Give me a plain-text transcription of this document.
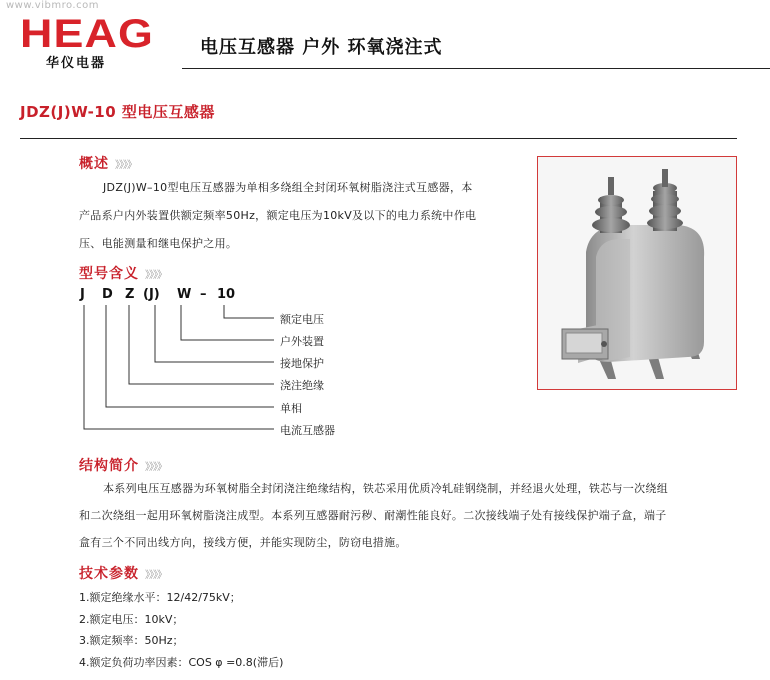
www.vibmro.com
HEAG
华仪电器
电压互感器 户外 环氧浇注式
JDZ(J)W-10 型电压互感器
概述 》》》》
JDZ(J)W–10型电压互感器为单相多绕组全封闭环氧树脂浇注式互感器，本
产品系户内外装置供额定频率50Hz，额定电压为10kV及以下的电力系统中作电
压、电能测量和继电保护之用。
型号含义 》》》》
J D Z (J) W – 10
额定电压
户外装置
接地保护
浇注绝缘
单相
电流互感器
结构简介 》》》》
本系列电压互感器为环氧树脂全封闭浇注绝缘结构，铁芯采用优质冷轧硅钢绕制，并经退火处理，铁芯与一次绕组
和二次绕组一起用环氧树脂浇注成型。本系列互感器耐污秽、耐潮性能良好。二次接线端子处有接线保护端子盒，端子
盒有三个不同出线方向，接线方便，并能实现防尘，防窃电措施。
技术参数 》》》》
1.额定绝缘水平：12/42/75kV；
2.额定电压：10kV；
3.额定频率：50Hz；
4.额定负荷功率因素：COS φ =0.8(滞后)
